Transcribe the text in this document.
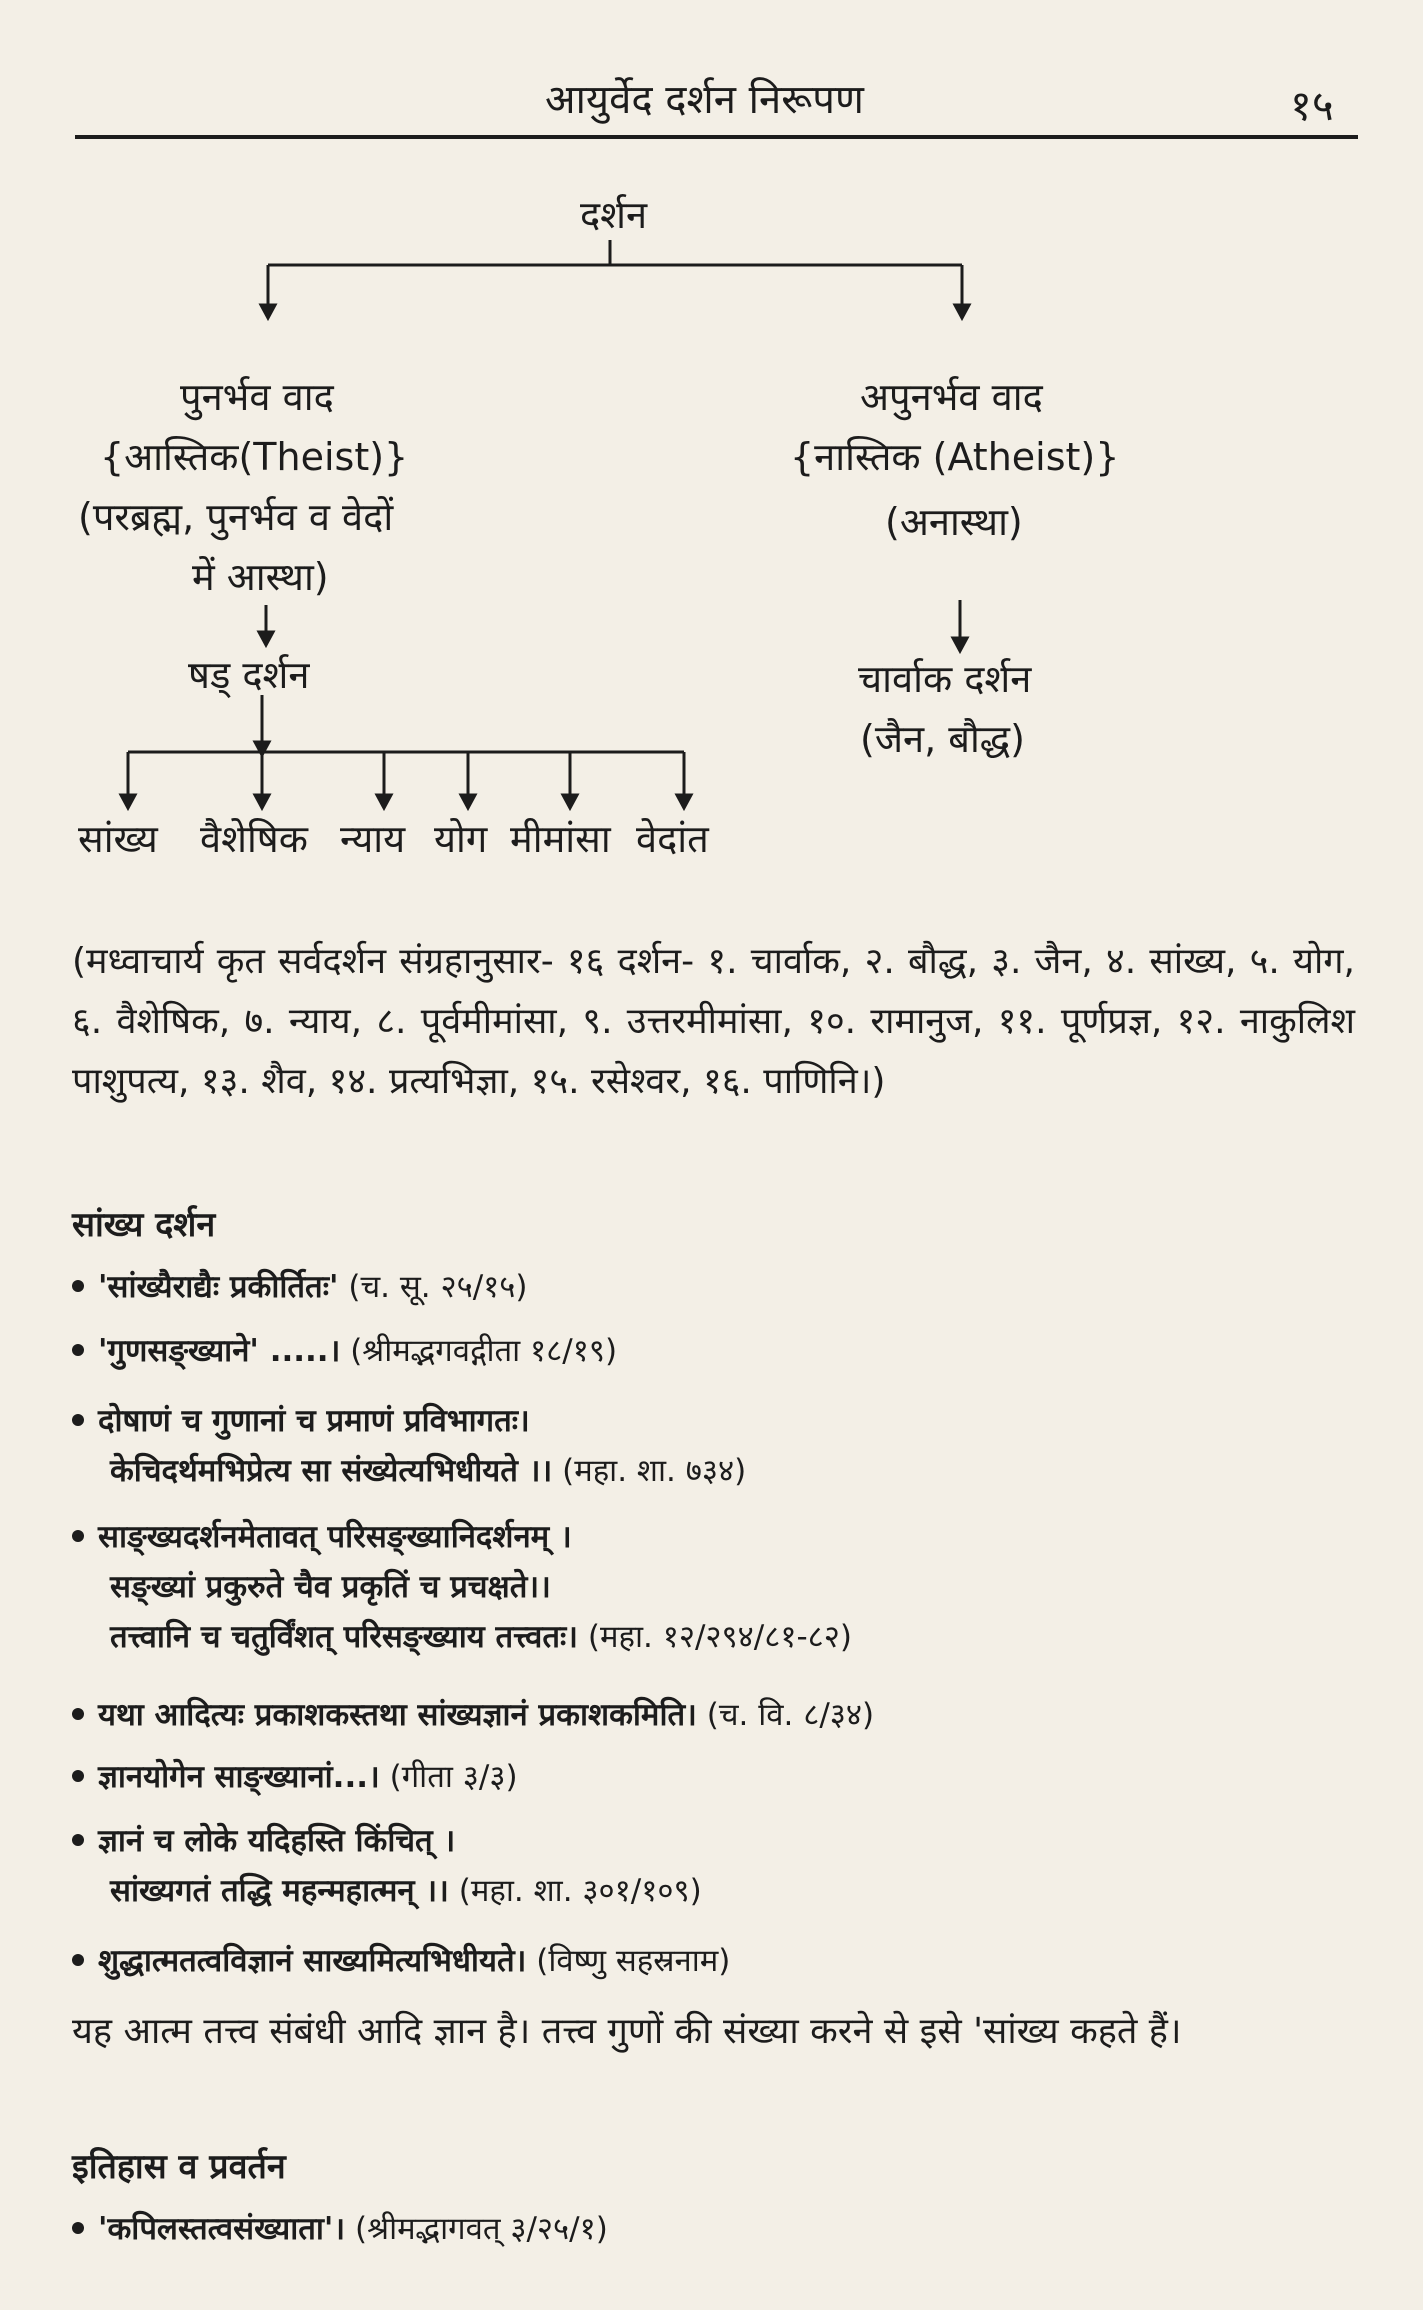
आयुर्वेद दर्शन निरूपण	१५
दर्शन
पुनर्भव वाद
{आस्तिक(Theist)}
(परब्रह्म, पुनर्भव व वेदों
में आस्था)
षड् दर्शन
सांख्य वैशेषिक न्याय योग मीमांसा वेदांत
अपुनर्भव वाद
{नास्तिक (Atheist)}
(अनास्था)
चार्वाक दर्शन
(जैन, बौद्ध)
(मध्वाचार्य कृत सर्वदर्शन संग्रहानुसार- १६ दर्शन- १. चार्वाक, २. बौद्ध, ३. जैन, ४. सांख्य, ५. योग, ६. वैशेषिक, ७. न्याय, ८. पूर्वमीमांसा, ९. उत्तरमीमांसा, १०. रामानुज, ११. पूर्णप्रज्ञ, १२. नाकुलिश पाशुपत्य, १३. शैव, १४. प्रत्यभिज्ञा, १५. रसेश्वर, १६. पाणिनि।)
सांख्य दर्शन
'सांख्यैराद्यैः प्रकीर्तितः' (च. सू. २५/१५)
'गुणसङ्ख्याने' .....। (श्रीमद्भगवद्गीता १८/१९)
दोषाणं च गुणानां च प्रमाणं प्रविभागतः।
केचिदर्थमभिप्रेत्य सा संख्येत्यभिधीयते ।। (महा. शा. ७३४)
साङ्ख्यदर्शनमेतावत् परिसङ्ख्यानिदर्शनम् ।
सङ्ख्यां प्रकुरुते चैव प्रकृतिं च प्रचक्षते।।
तत्त्वानि च चतुर्विंशत् परिसङ्ख्याय तत्त्वतः। (महा. १२/२९४/८१-८२)
यथा आदित्यः प्रकाशकस्तथा सांख्यज्ञानं प्रकाशकमिति। (च. वि. ८/३४)
ज्ञानयोगेन साङ्ख्यानां...। (गीता ३/३)
ज्ञानं च लोके यदिहस्ति किंचित् ।
सांख्यगतं तद्धि महन्महात्मन् ।। (महा. शा. ३०१/१०९)
शुद्धात्मतत्वविज्ञानं साख्यमित्यभिधीयते। (विष्णु सहस्रनाम)
यह आत्म तत्त्व संबंधी आदि ज्ञान है। तत्त्व गुणों की संख्या करने से इसे 'सांख्य कहते हैं।
इतिहास व प्रवर्तन
'कपिलस्तत्वसंख्याता'। (श्रीमद्भागवत् ३/२५/१)
